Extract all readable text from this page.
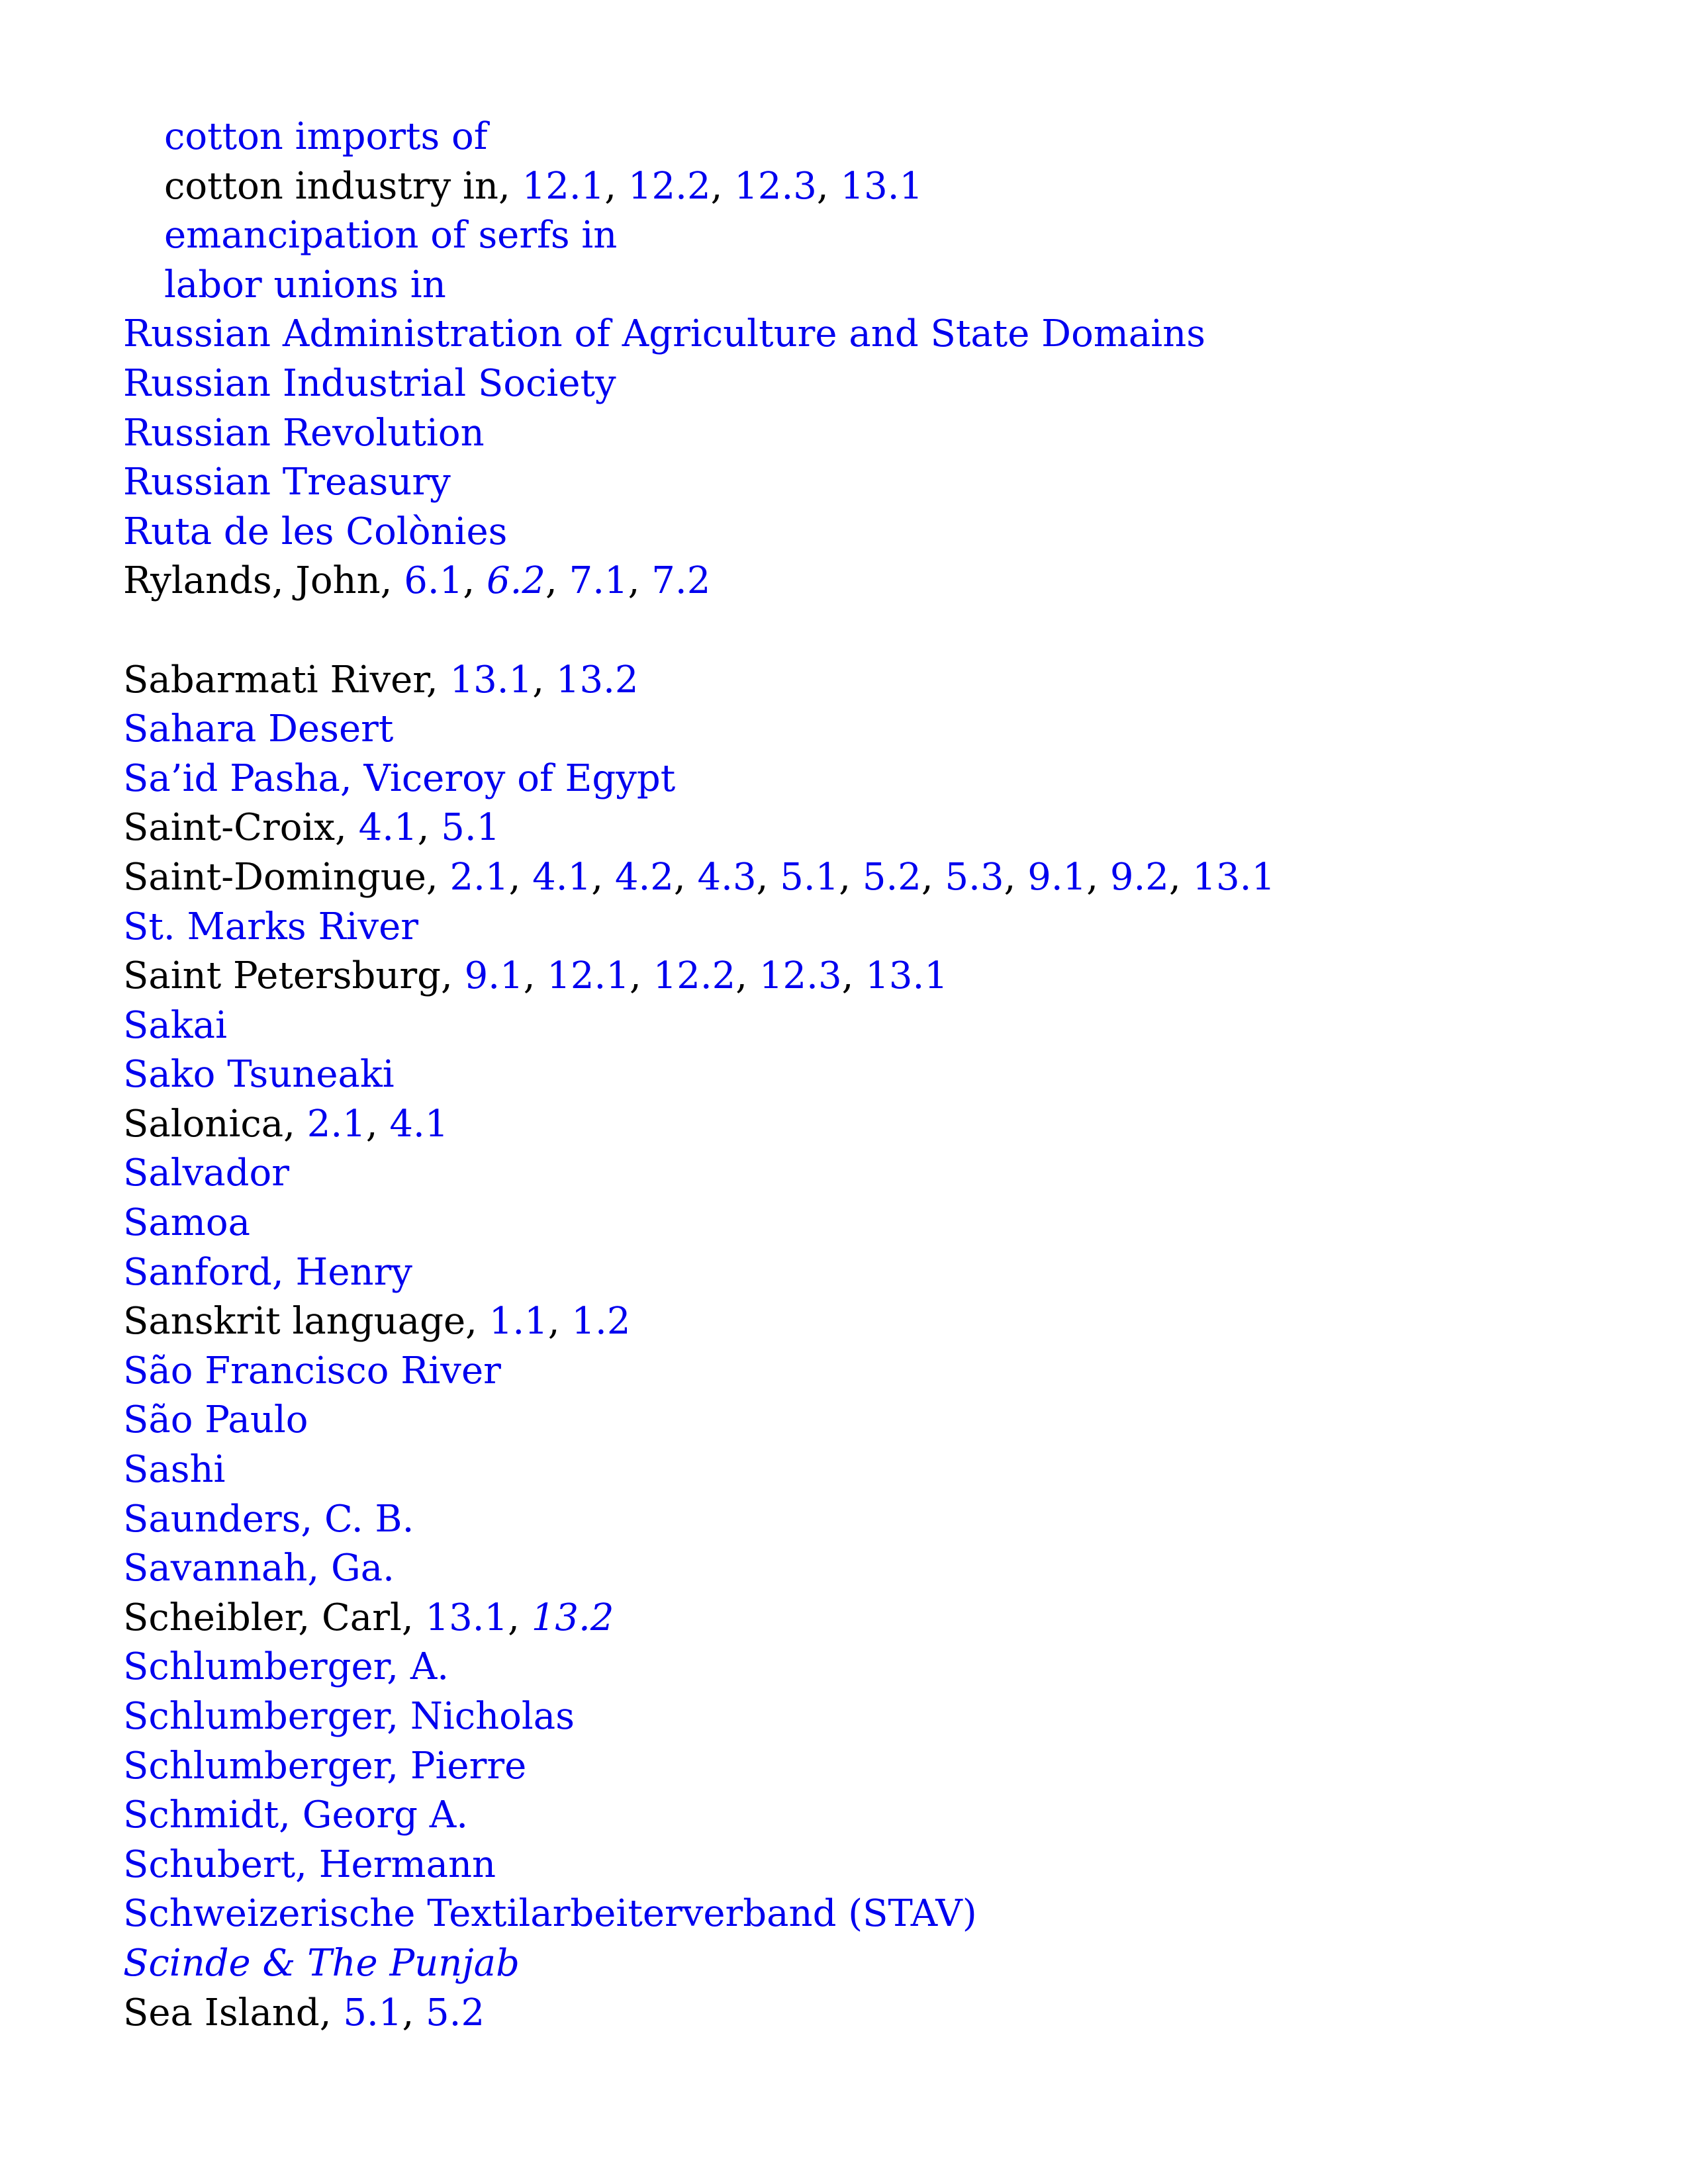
cotton imports of
cotton industry in, 12.1, 12.2, 12.3, 13.1
emancipation of serfs in
labor unions in
Russian Administration of Agriculture and State Domains
Russian Industrial Society
Russian Revolution
Russian Treasury
Ruta de les Colònies
Rylands, John, 6.1, 6.2, 7.1, 7.2
Sabarmati River, 13.1, 13.2
Sahara Desert
Sa’id Pasha, Viceroy of Egypt
Saint-Croix, 4.1, 5.1
Saint-Domingue, 2.1, 4.1, 4.2, 4.3, 5.1, 5.2, 5.3, 9.1, 9.2, 13.1
St. Marks River
Saint Petersburg, 9.1, 12.1, 12.2, 12.3, 13.1
Sakai
Sako Tsuneaki
Salonica, 2.1, 4.1
Salvador
Samoa
Sanford, Henry
Sanskrit language, 1.1, 1.2
São Francisco River
São Paulo
Sashi
Saunders, C. B.
Savannah, Ga.
Scheibler, Carl, 13.1, 13.2
Schlumberger, A.
Schlumberger, Nicholas
Schlumberger, Pierre
Schmidt, Georg A.
Schubert, Hermann
Schweizerische Textilarbeiterverband (STAV)
Scinde & The Punjab
Sea Island, 5.1, 5.2
